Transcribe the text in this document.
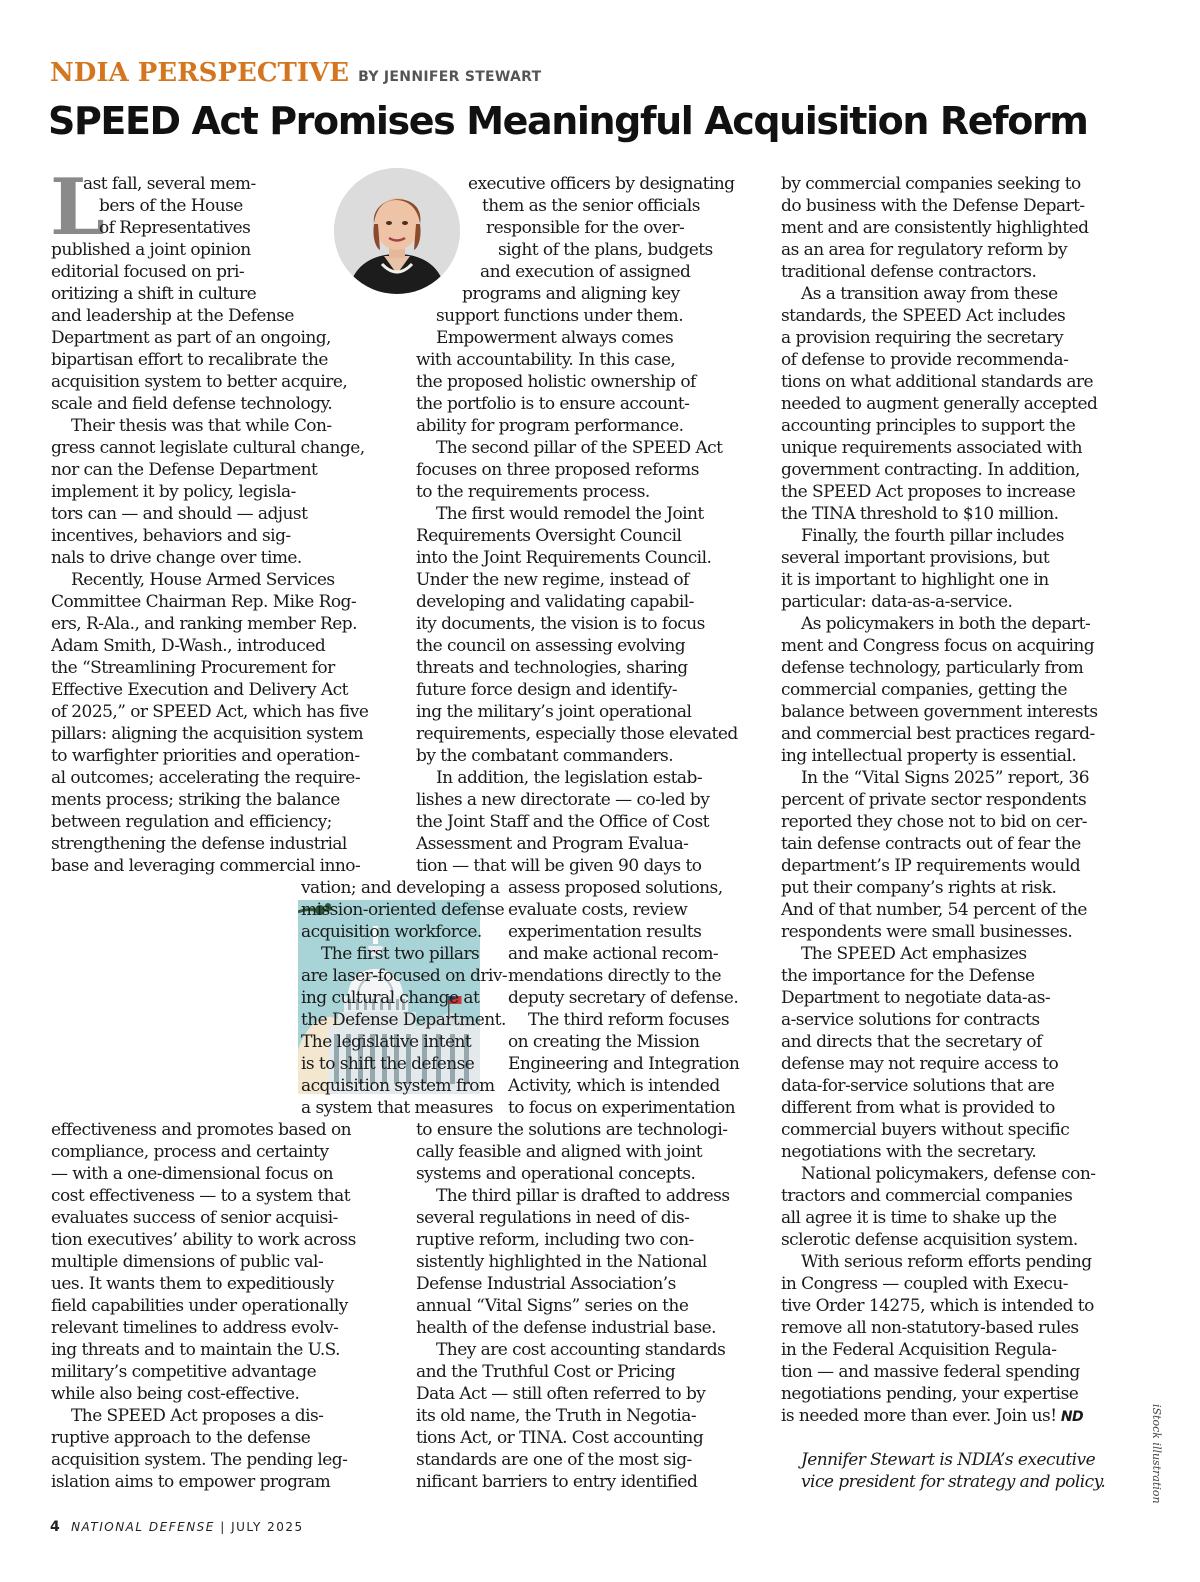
NDIA PERSPECTIVE BY JENNIFER STEWART
SPEED Act Promises Meaningful Acquisition Reform
L
ast fall, several mem-
bers of the House
of Representatives
published a joint opinion
editorial focused on pri-
oritizing a shift in culture
and leadership at the Defense
Department as part of an ongoing,
bipartisan effort to recalibrate the
acquisition system to better acquire,
scale and field defense technology.
Their thesis was that while Con-
gress cannot legislate cultural change,
nor can the Defense Department
implement it by policy, legisla-
tors can — and should — adjust
incentives, behaviors and sig-
nals to drive change over time.
Recently, House Armed Services
Committee Chairman Rep. Mike Rog-
ers, R-Ala., and ranking member Rep.
Adam Smith, D-Wash., introduced
the “Streamlining Procurement for
Effective Execution and Delivery Act
of 2025,” or SPEED Act, which has five
pillars: aligning the acquisition system
to warfighter priorities and operation-
al outcomes; accelerating the require-
ments process; striking the balance
between regulation and efficiency;
strengthening the defense industrial
base and leveraging commercial inno-
vation; and developing a
mission-oriented defense
acquisition workforce.
The first two pillars
are laser-focused on driv-
ing cultural change at
the Defense Department.
The legislative intent
is to shift the defense
acquisition system from
a system that measures
effectiveness and promotes based on
compliance, process and certainty
— with a one-dimensional focus on
cost effectiveness — to a system that
evaluates success of senior acquisi-
tion executives’ ability to work across
multiple dimensions of public val-
ues. It wants them to expeditiously
field capabilities under operationally
relevant timelines to address evolv-
ing threats and to maintain the U.S.
military’s competitive advantage
while also being cost-effective.
The SPEED Act proposes a dis-
ruptive approach to the defense
acquisition system. The pending leg-
islation aims to empower program
executive officers by designating
them as the senior officials
responsible for the over-
sight of the plans, budgets
and execution of assigned
programs and aligning key
support functions under them.
Empowerment always comes
with accountability. In this case,
the proposed holistic ownership of
the portfolio is to ensure account-
ability for program performance.
The second pillar of the SPEED Act
focuses on three proposed reforms
to the requirements process.
The first would remodel the Joint
Requirements Oversight Council
into the Joint Requirements Council.
Under the new regime, instead of
developing and validating capabil-
ity documents, the vision is to focus
the council on assessing evolving
threats and technologies, sharing
future force design and identify-
ing the military’s joint operational
requirements, especially those elevated
by the combatant commanders.
In addition, the legislation estab-
lishes a new directorate — co-led by
the Joint Staff and the Office of Cost
Assessment and Program Evalua-
tion — that will be given 90 days to
assess proposed solutions,
evaluate costs, review
experimentation results
and make actional recom-
mendations directly to the
deputy secretary of defense.
The third reform focuses
on creating the Mission
Engineering and Integration
Activity, which is intended
to focus on experimentation
to ensure the solutions are technologi-
cally feasible and aligned with joint
systems and operational concepts.
The third pillar is drafted to address
several regulations in need of dis-
ruptive reform, including two con-
sistently highlighted in the National
Defense Industrial Association’s
annual “Vital Signs” series on the
health of the defense industrial base.
They are cost accounting standards
and the Truthful Cost or Pricing
Data Act — still often referred to by
its old name, the Truth in Negotia-
tions Act, or TINA. Cost accounting
standards are one of the most sig-
nificant barriers to entry identified
by commercial companies seeking to
do business with the Defense Depart-
ment and are consistently highlighted
as an area for regulatory reform by
traditional defense contractors.
As a transition away from these
standards, the SPEED Act includes
a provision requiring the secretary
of defense to provide recommenda-
tions on what additional standards are
needed to augment generally accepted
accounting principles to support the
unique requirements associated with
government contracting. In addition,
the SPEED Act proposes to increase
the TINA threshold to $10 million.
Finally, the fourth pillar includes
several important provisions, but
it is important to highlight one in
particular: data-as-a-service.
As policymakers in both the depart-
ment and Congress focus on acquiring
defense technology, particularly from
commercial companies, getting the
balance between government interests
and commercial best practices regard-
ing intellectual property is essential.
In the “Vital Signs 2025” report, 36
percent of private sector respondents
reported they chose not to bid on cer-
tain defense contracts out of fear the
department’s IP requirements would
put their company’s rights at risk.
And of that number, 54 percent of the
respondents were small businesses.
The SPEED Act emphasizes
the importance for the Defense
Department to negotiate data-as-
a-service solutions for contracts
and directs that the secretary of
defense may not require access to
data-for-service solutions that are
different from what is provided to
commercial buyers without specific
negotiations with the secretary.
National policymakers, defense con-
tractors and commercial companies
all agree it is time to shake up the
sclerotic defense acquisition system.
With serious reform efforts pending
in Congress — coupled with Execu-
tive Order 14275, which is intended to
remove all non-statutory-based rules
in the Federal Acquisition Regula-
tion — and massive federal spending
negotiations pending, your expertise
is needed more than ever. Join us! ND
Jennifer Stewart is NDIA’s executive
vice president for strategy and policy.	iStock illustration
4 NATIONAL DEFENSE | JULY 2025
